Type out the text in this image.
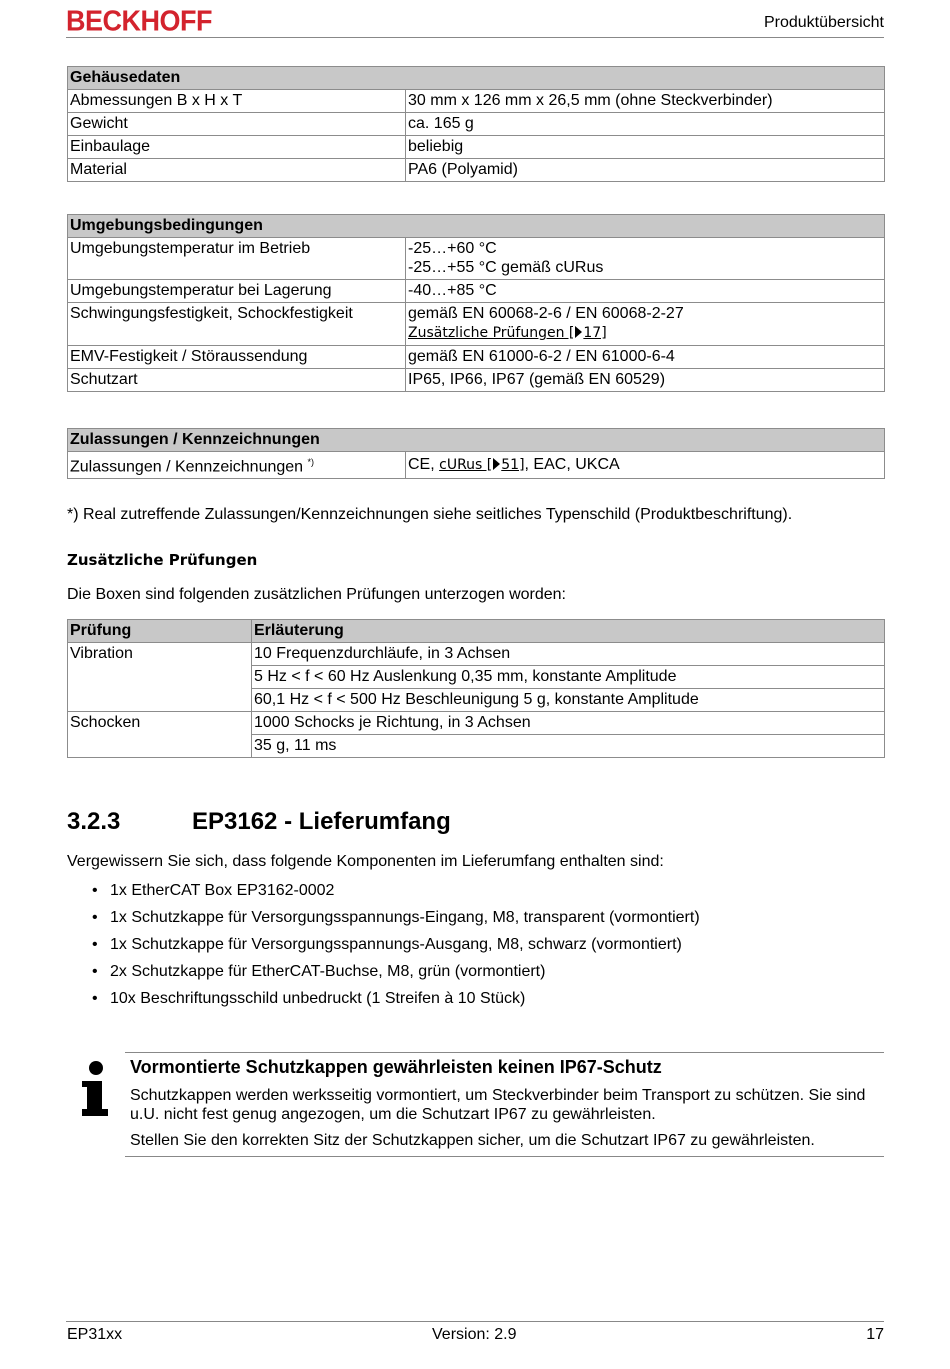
BECKHOFF	Produktübersicht
Gehäusedaten	
Abmessungen B x H x T	30 mm x 126 mm x 26,5 mm (ohne Steckverbinder)
Gewicht	ca. 165 g
Einbaulage	beliebig
Material	PA6 (Polyamid)
Umgebungsbedingungen	
Umgebungstemperatur im Betrieb	-25…+60 °C
-25…+55 °C gemäß cURus

Umgebungstemperatur bei Lagerung	-40…+85 °C
Schwingungsfestigkeit, Schockfestigkeit	gemäß EN 60068-2-6 / EN 60068-2-27
Zusätzliche Prüfungen [ 17]

EMV-Festigkeit / Störaussendung	gemäß EN 61000-6-2 / EN 61000-6-4
Schutzart	IP65, IP66, IP67 (gemäß EN 60529)
Zulassungen / Kennzeichnungen
Zulassungen / Kennzeichnungen *)	CE, cURus [ 51], EAC, UKCA
*) Real zutreffende Zulassungen/Kennzeichnungen siehe seitliches Typenschild (Produktbeschriftung).
Zusätzliche Prüfungen
Die Boxen sind folgenden zusätzlichen Prüfungen unterzogen worden:
Prüfung	Erläuterung
Vibration	10 Frequenzdurchläufe, in 3 Achsen
	5 Hz < f < 60 Hz Auslenkung 0,35 mm, konstante Amplitude
	60,1 Hz < f < 500 Hz Beschleunigung 5 g, konstante Amplitude
Schocken	1000 Schocks je Richtung, in 3 Achsen
	35 g, 11 ms
3.2.3	EP3162 - Lieferumfang
Vergewissern Sie sich, dass folgende Komponenten im Lieferumfang enthalten sind:
• 1x EtherCAT Box EP3162-0002
• 1x Schutzkappe für Versorgungsspannungs-Eingang, M8, transparent (vormontiert)
• 1x Schutzkappe für Versorgungsspannungs-Ausgang, M8, schwarz (vormontiert)
• 2x Schutzkappe für EtherCAT-Buchse, M8, grün (vormontiert)
• 10x Beschriftungsschild unbedruckt (1 Streifen à 10 Stück)
Vormontierte Schutzkappen gewährleisten keinen IP67-Schutz

Schutzkappen werden werksseitig vormontiert, um Steckverbinder beim Transport zu schützen. Sie sind u.U. nicht fest genug angezogen, um die Schutzart IP67 zu gewährleisten.

Stellen Sie den korrekten Sitz der Schutzkappen sicher, um die Schutzart IP67 zu gewährleisten.

EP31xx	Version: 2.9	17
